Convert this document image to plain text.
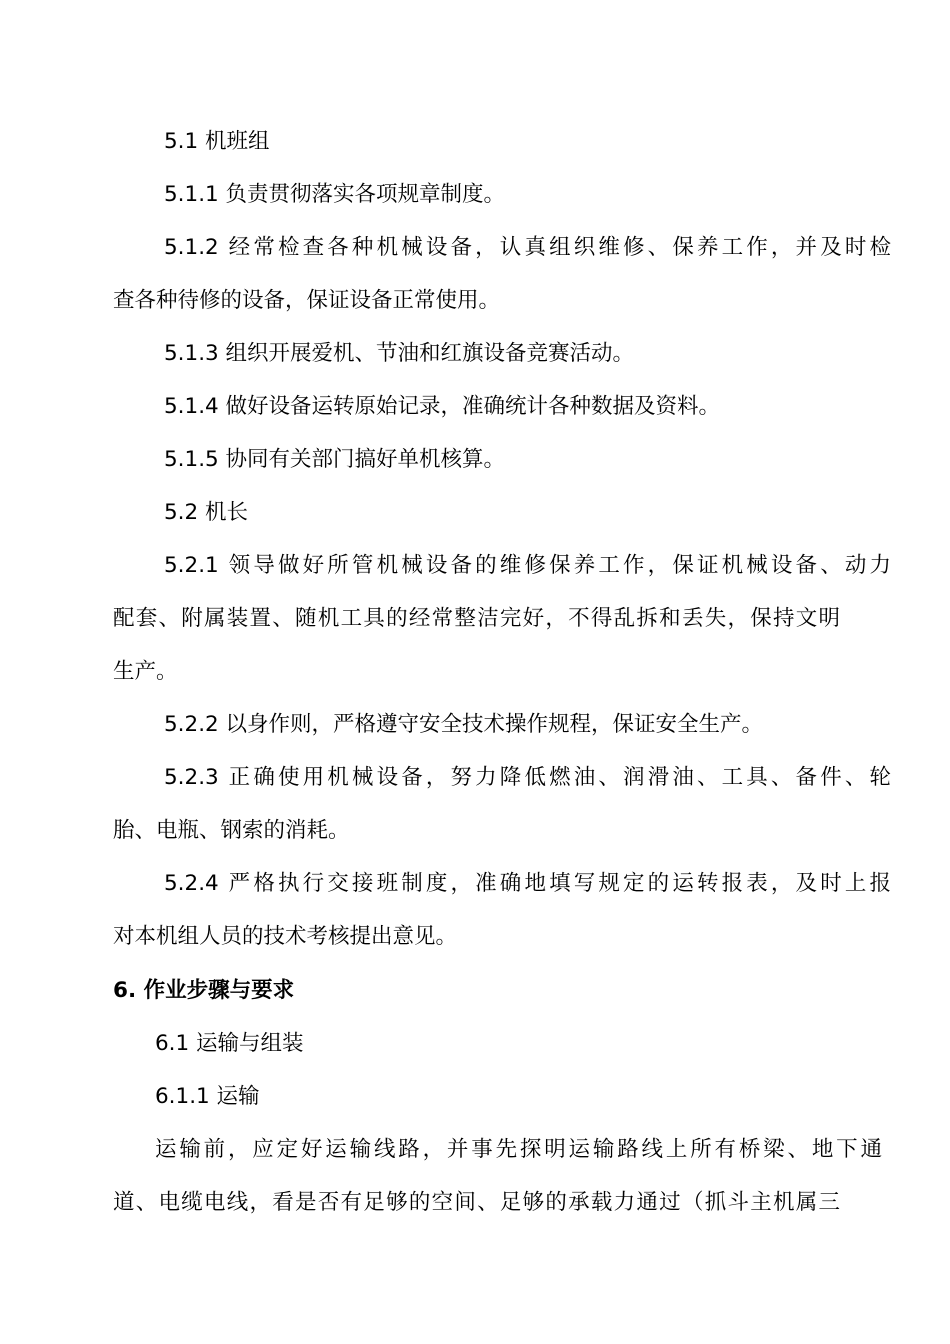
5.1 机班组
5.1.1 负责贯彻落实各项规章制度。
5.1.2 经常检查各种机械设备，认真组织维修、保养工作，并及时检
查各种待修的设备，保证设备正常使用。
5.1.3 组织开展爱机、节油和红旗设备竞赛活动。
5.1.4 做好设备运转原始记录，准确统计各种数据及资料。
5.1.5 协同有关部门搞好单机核算。
5.2 机长
5.2.1 领导做好所管机械设备的维修保养工作，保证机械设备、动力
配套、附属装置、随机工具的经常整洁完好，不得乱拆和丢失，保持文明
生产。
5.2.2 以身作则，严格遵守安全技术操作规程，保证安全生产。
5.2.3 正确使用机械设备，努力降低燃油、润滑油、工具、备件、轮
胎、电瓶、钢索的消耗。
5.2.4 严格执行交接班制度，准确地填写规定的运转报表，及时上报
对本机组人员的技术考核提出意见。
6. 作业步骤与要求
6.1 运输与组装
6.1.1 运输
运输前，应定好运输线路，并事先探明运输路线上所有桥梁、地下通
道、电缆电线，看是否有足够的空间、足够的承载力通过（抓斗主机属三
